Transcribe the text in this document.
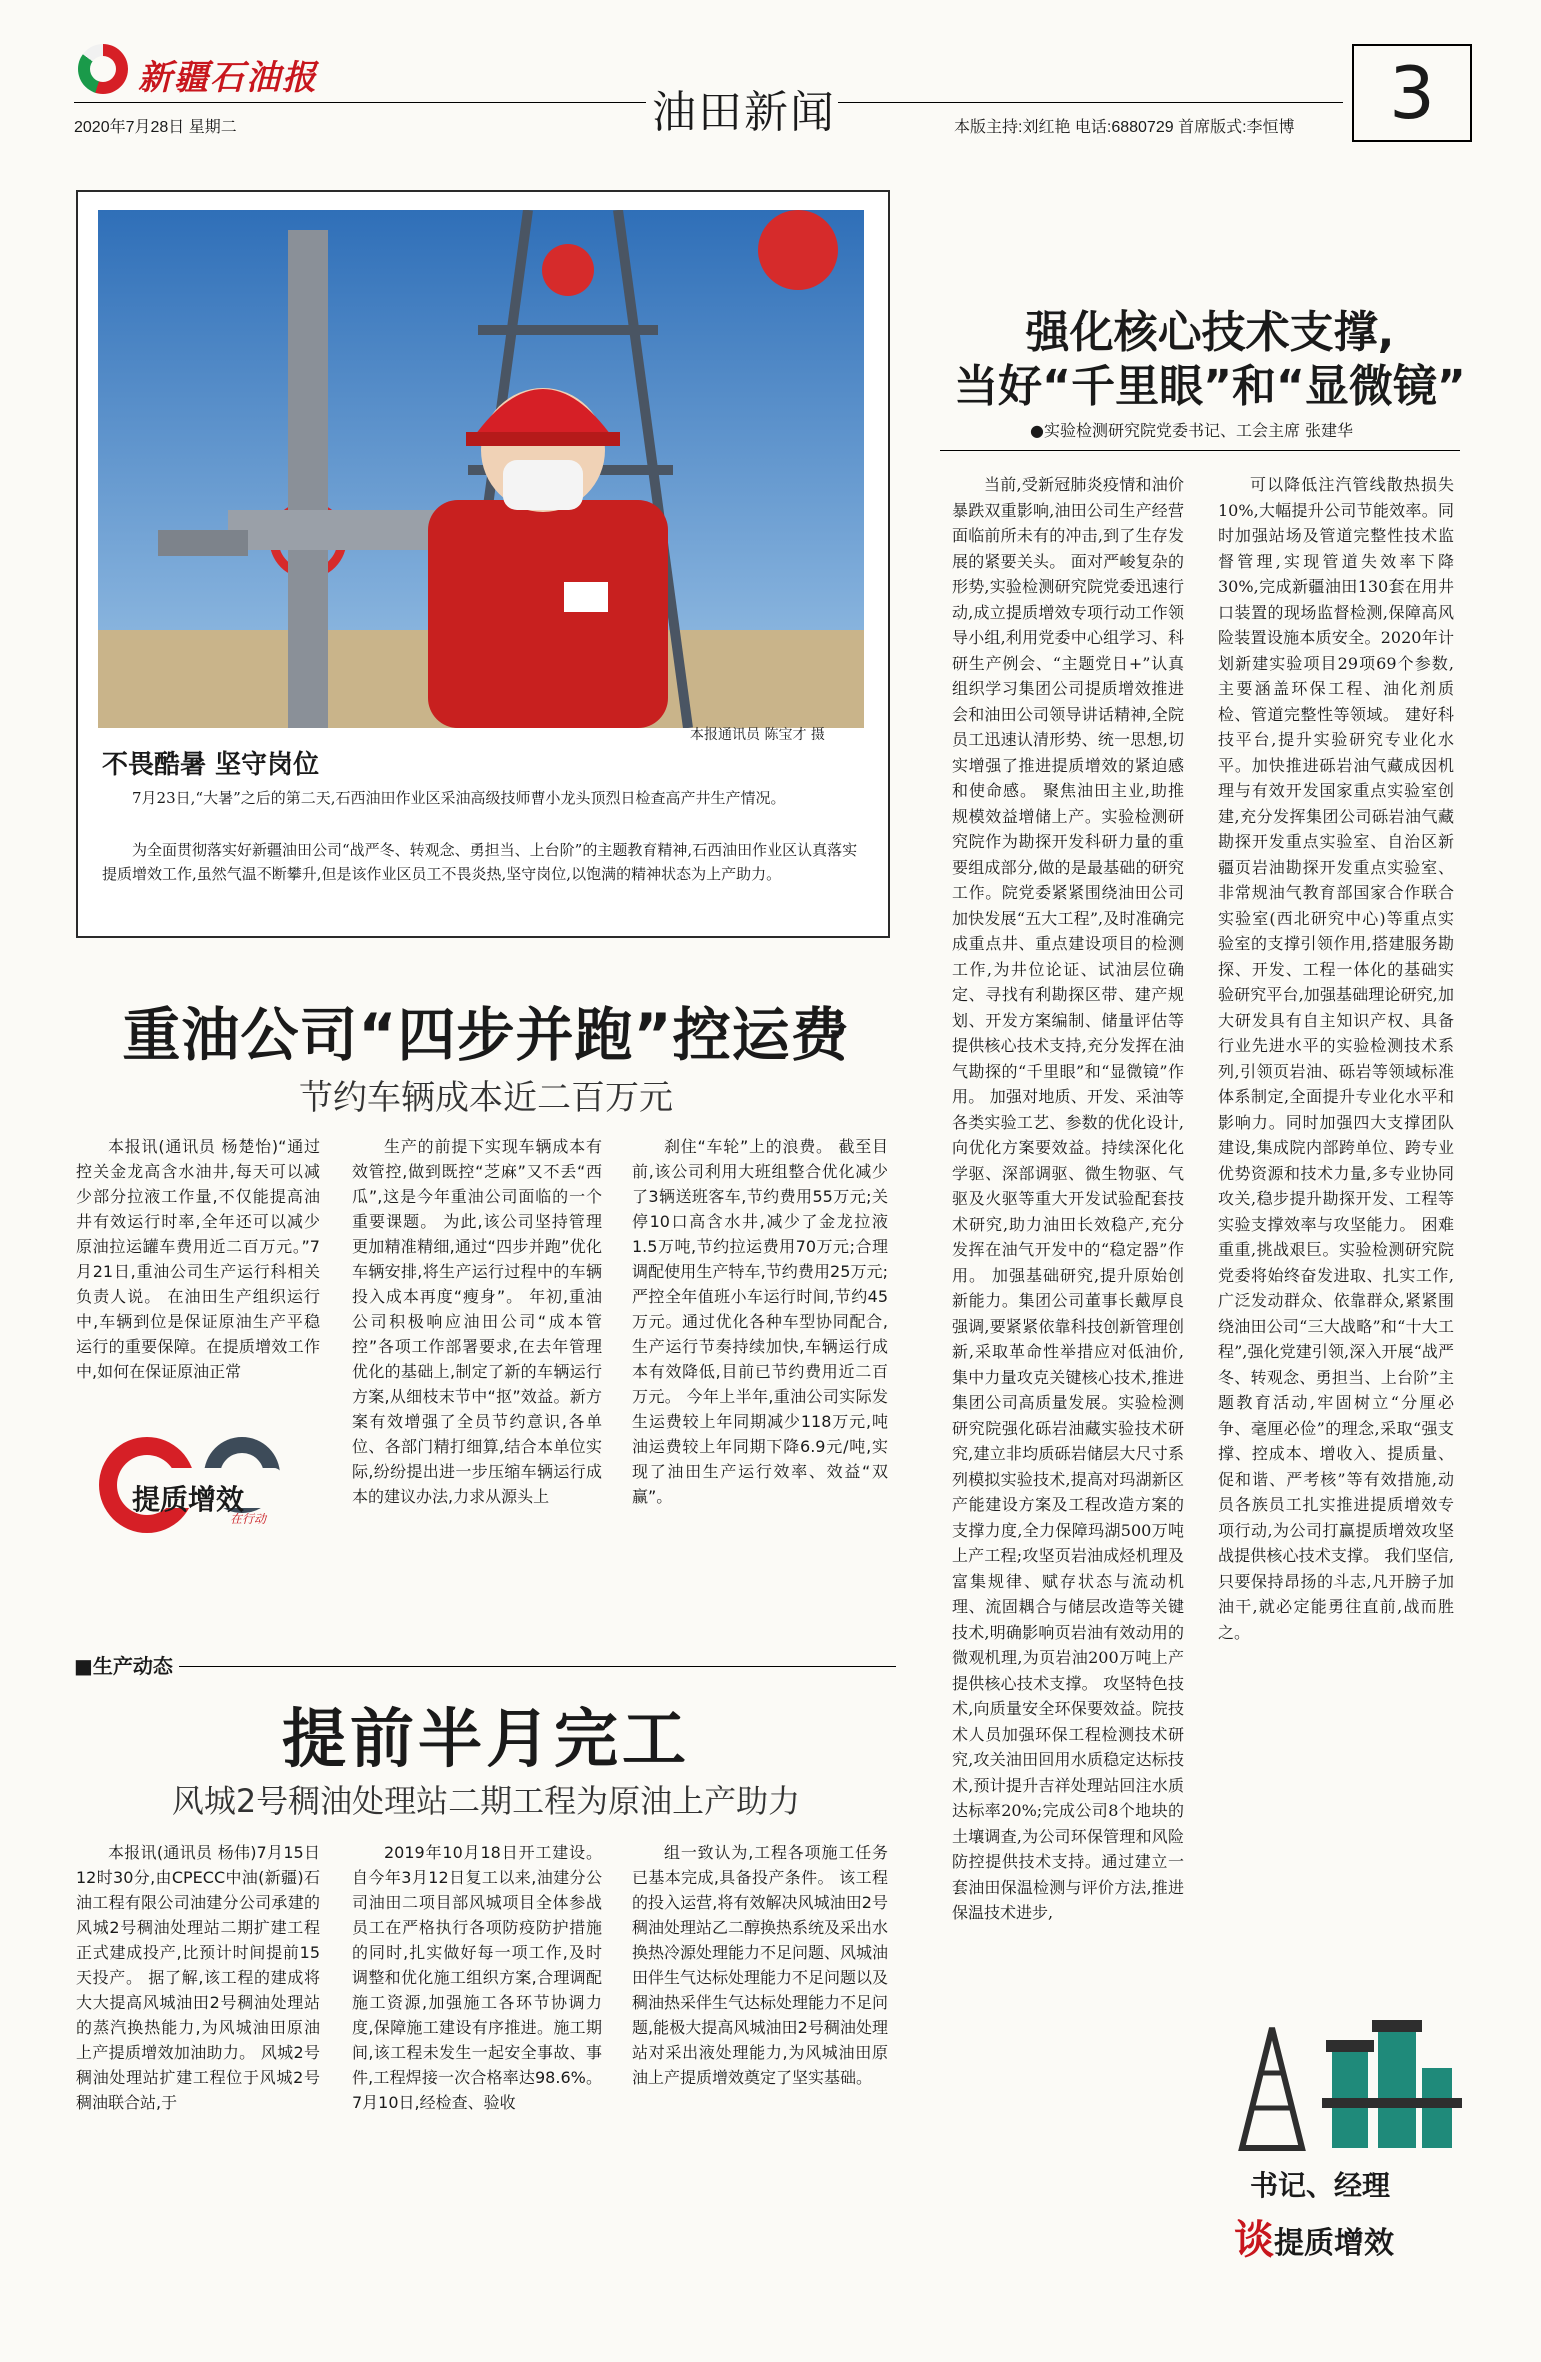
新疆石油报
油田新闻
2020年7月28日 星期二	本版主持:刘红艳 电话:6880729 首席版式:李恒博	3
本报通讯员 陈宝才 摄
不畏酷暑 坚守岗位
7月23日,“大暑”之后的第二天,石西油田作业区采油高级技师曹小龙头顶烈日检查高产井生产情况。
为全面贯彻落实好新疆油田公司“战严冬、转观念、勇担当、上台阶”的主题教育精神,石西油田作业区认真落实提质增效工作,虽然气温不断攀升,但是该作业区员工不畏炎热,坚守岗位,以饱满的精神状态为上产助力。
重油公司“四步并跑”控运费
节约车辆成本近二百万元

本报讯(通讯员 杨楚怡)“通过控关金龙高含水油井,每天可以减少部分拉液工作量,不仅能提高油井有效运行时率,全年还可以减少原油拉运罐车费用近二百万元。”7月21日,重油公司生产运行科相关负责人说。 在油田生产组织运行中,车辆到位是保证原油生产平稳运行的重要保障。在提质增效工作中,如何在保证原油正常

生产的前提下实现车辆成本有效管控,做到既控“芝麻”又不丢“西瓜”,这是今年重油公司面临的一个重要课题。 为此,该公司坚持管理更加精准精细,通过“四步并跑”优化车辆安排,将生产运行过程中的车辆投入成本再度“瘦身”。 年初,重油公司积极响应油田公司“成本管控”各项工作部署要求,在去年管理优化的基础上,制定了新的车辆运行方案,从细枝末节中“抠”效益。新方案有效增强了全员节约意识,各单位、各部门精打细算,结合本单位实际,纷纷提出进一步压缩车辆运行成本的建议办法,力求从源头上

刹住“车轮”上的浪费。 截至目前,该公司利用大班组整合优化减少了3辆送班客车,节约费用55万元;关停10口高含水井,减少了金龙拉液1.5万吨,节约拉运费用70万元;合理调配使用生产特车,节约费用25万元;严控全年值班小车运行时间,节约45万元。通过优化各种车型协同配合,生产运行节奏持续加快,车辆运行成本有效降低,目前已节约费用近二百万元。 今年上半年,重油公司实际发生运费较上年同期减少118万元,吨油运费较上年同期下降6.9元/吨,实现了油田生产运行效率、效益“双赢”。

提质增效
在行动
强化核心技术支撑,
当好“千里眼”和“显微镜”
●实验检测研究院党委书记、工会主席 张建华

当前,受新冠肺炎疫情和油价暴跌双重影响,油田公司生产经营面临前所未有的冲击,到了生存发展的紧要关头。 面对严峻复杂的形势,实验检测研究院党委迅速行动,成立提质增效专项行动工作领导小组,利用党委中心组学习、科研生产例会、“主题党日+”认真组织学习集团公司提质增效推进会和油田公司领导讲话精神,全院员工迅速认清形势、统一思想,切实增强了推进提质增效的紧迫感和使命感。 聚焦油田主业,助推规模效益增储上产。实验检测研究院作为勘探开发科研力量的重要组成部分,做的是最基础的研究工作。院党委紧紧围绕油田公司加快发展“五大工程”,及时准确完成重点井、重点建设项目的检测工作,为井位论证、试油层位确定、寻找有利勘探区带、建产规划、开发方案编制、储量评估等提供核心技术支持,充分发挥在油气勘探的“千里眼”和“显微镜”作用。 加强对地质、开发、采油等各类实验工艺、参数的优化设计,向优化方案要效益。持续深化化学驱、深部调驱、微生物驱、气驱及火驱等重大开发试验配套技术研究,助力油田长效稳产,充分发挥在油气开发中的“稳定器”作用。 加强基础研究,提升原始创新能力。集团公司董事长戴厚良强调,要紧紧依靠科技创新管理创新,采取革命性举措应对低油价,集中力量攻克关键核心技术,推进集团公司高质量发展。实验检测研究院强化砾岩油藏实验技术研究,建立非均质砾岩储层大尺寸系列模拟实验技术,提高对玛湖新区产能建设方案及工程改造方案的支撑力度,全力保障玛湖500万吨上产工程;攻坚页岩油成烃机理及富集规律、赋存状态与流动机理、流固耦合与储层改造等关键技术,明确影响页岩油有效动用的微观机理,为页岩油200万吨上产提供核心技术支撑。 攻坚特色技术,向质量安全环保要效益。院技术人员加强环保工程检测技术研究,攻关油田回用水质稳定达标技术,预计提升吉祥处理站回注水质达标率20%;完成公司8个地块的土壤调查,为公司环保管理和风险防控提供技术支持。通过建立一套油田保温检测与评价方法,推进保温技术进步,

可以降低注汽管线散热损失10%,大幅提升公司节能效率。同时加强站场及管道完整性技术监督管理,实现管道失效率下降30%,完成新疆油田130套在用井口装置的现场监督检测,保障高风险装置设施本质安全。2020年计划新建实验项目29项69个参数,主要涵盖环保工程、油化剂质检、管道完整性等领域。 建好科技平台,提升实验研究专业化水平。加快推进砾岩油气藏成因机理与有效开发国家重点实验室创建,充分发挥集团公司砾岩油气藏勘探开发重点实验室、自治区新疆页岩油勘探开发重点实验室、非常规油气教育部国家合作联合实验室(西北研究中心)等重点实验室的支撑引领作用,搭建服务勘探、开发、工程一体化的基础实验研究平台,加强基础理论研究,加大研发具有自主知识产权、具备行业先进水平的实验检测技术系列,引领页岩油、砾岩等领域标准体系制定,全面提升专业化水平和影响力。同时加强四大支撑团队建设,集成院内部跨单位、跨专业优势资源和技术力量,多专业协同攻关,稳步提升勘探开发、工程等实验支撑效率与攻坚能力。 困难重重,挑战艰巨。实验检测研究院党委将始终奋发进取、扎实工作,广泛发动群众、依靠群众,紧紧围绕油田公司“三大战略”和“十大工程”,强化党建引领,深入开展“战严冬、转观念、勇担当、上台阶”主题教育活动,牢固树立“分厘必争、毫厘必俭”的理念,采取“强支撑、控成本、增收入、提质量、促和谐、严考核”等有效措施,动员各族员工扎实推进提质增效专项行动,为公司打赢提质增效攻坚战提供核心技术支撑。 我们坚信,只要保持昂扬的斗志,凡开膀子加油干,就必定能勇往直前,战而胜之。

书记、经理
谈提质增效
■生产动态
提前半月完工
风城2号稠油处理站二期工程为原油上产助力

本报讯(通讯员 杨伟)7月15日12时30分,由CPECC中油(新疆)石油工程有限公司油建分公司承建的风城2号稠油处理站二期扩建工程正式建成投产,比预计时间提前15天投产。 据了解,该工程的建成将大大提高风城油田2号稠油处理站的蒸汽换热能力,为风城油田原油上产提质增效加油助力。 风城2号稠油处理站扩建工程位于风城2号稠油联合站,于

2019年10月18日开工建设。自今年3月12日复工以来,油建分公司油田二项目部风城项目全体参战员工在严格执行各项防疫防护措施的同时,扎实做好每一项工作,及时调整和优化施工组织方案,合理调配施工资源,加强施工各环节协调力度,保障施工建设有序推进。施工期间,该工程未发生一起安全事故、事件,工程焊接一次合格率达98.6%。 7月10日,经检查、验收

组一致认为,工程各项施工任务已基本完成,具备投产条件。 该工程的投入运营,将有效解决风城油田2号稠油处理站乙二醇换热系统及采出水换热冷源处理能力不足问题、风城油田伴生气达标处理能力不足问题以及稠油热采伴生气达标处理能力不足问题,能极大提高风城油田2号稠油处理站对采出液处理能力,为风城油田原油上产提质增效奠定了坚实基础。
